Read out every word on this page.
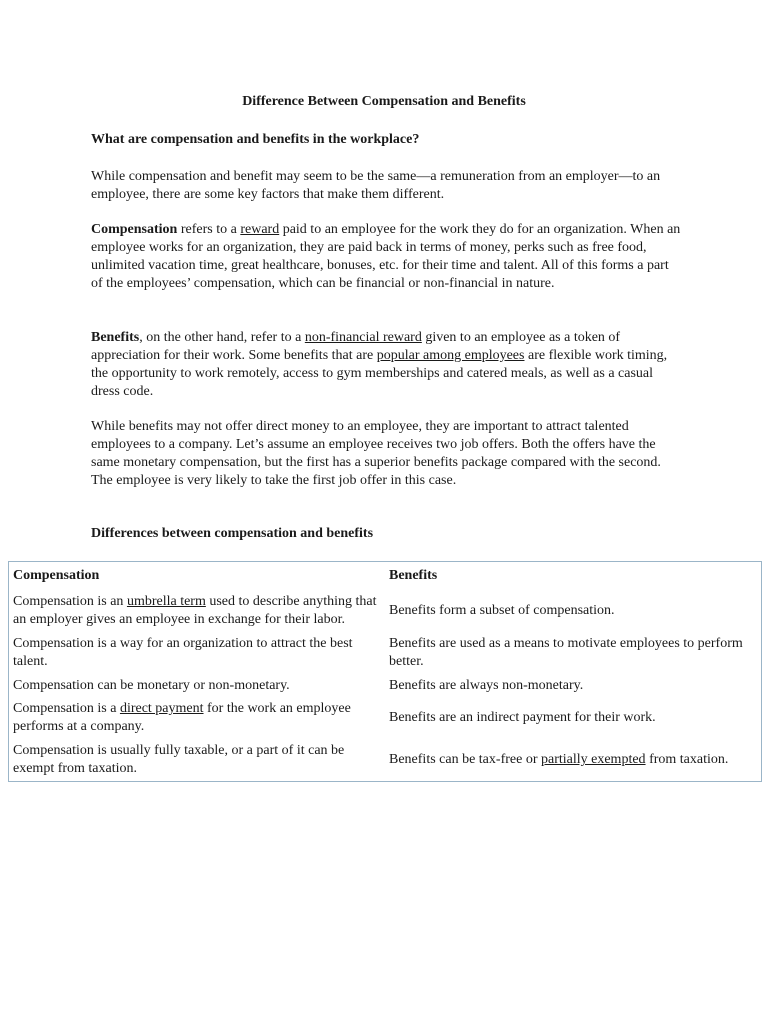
Difference Between Compensation and Benefits
What are compensation and benefits in the workplace?

While compensation and benefit may seem to be the same—a remuneration from an employer—to an employee, there are some key factors that make them different.

Compensation refers to a reward paid to an employee for the work they do for an organization. When an employee works for an organization, they are paid back in terms of money, perks such as free food, unlimited vacation time, great healthcare, bonuses, etc. for their time and talent. All of this forms a part of the employees’ compensation, which can be financial or non-financial in nature.

Benefits, on the other hand, refer to a non-financial reward given to an employee as a token of appreciation for their work. Some benefits that are popular among employees are flexible work timing, the opportunity to work remotely, access to gym memberships and catered meals, as well as a casual dress code.

While benefits may not offer direct money to an employee, they are important to attract talented employees to a company. Let’s assume an employee receives two job offers. Both the offers have the same monetary compensation, but the first has a superior benefits package compared with the second. The employee is very likely to take the first job offer in this case.

Differences between compensation and benefits
Compensation	Benefits
Compensation is an umbrella term used to describe anything that an employer gives an employee in exchange for their labor.	Benefits form a subset of compensation.
Compensation is a way for an organization to attract the best talent.	Benefits are used as a means to motivate employees to perform better.
Compensation can be monetary or non-monetary.	Benefits are always non-monetary.
Compensation is a direct payment for the work an employee performs at a company.	Benefits are an indirect payment for their work.
Compensation is usually fully taxable, or a part of it can be exempt from taxation.	Benefits can be tax-free or partially exempted from taxation.
